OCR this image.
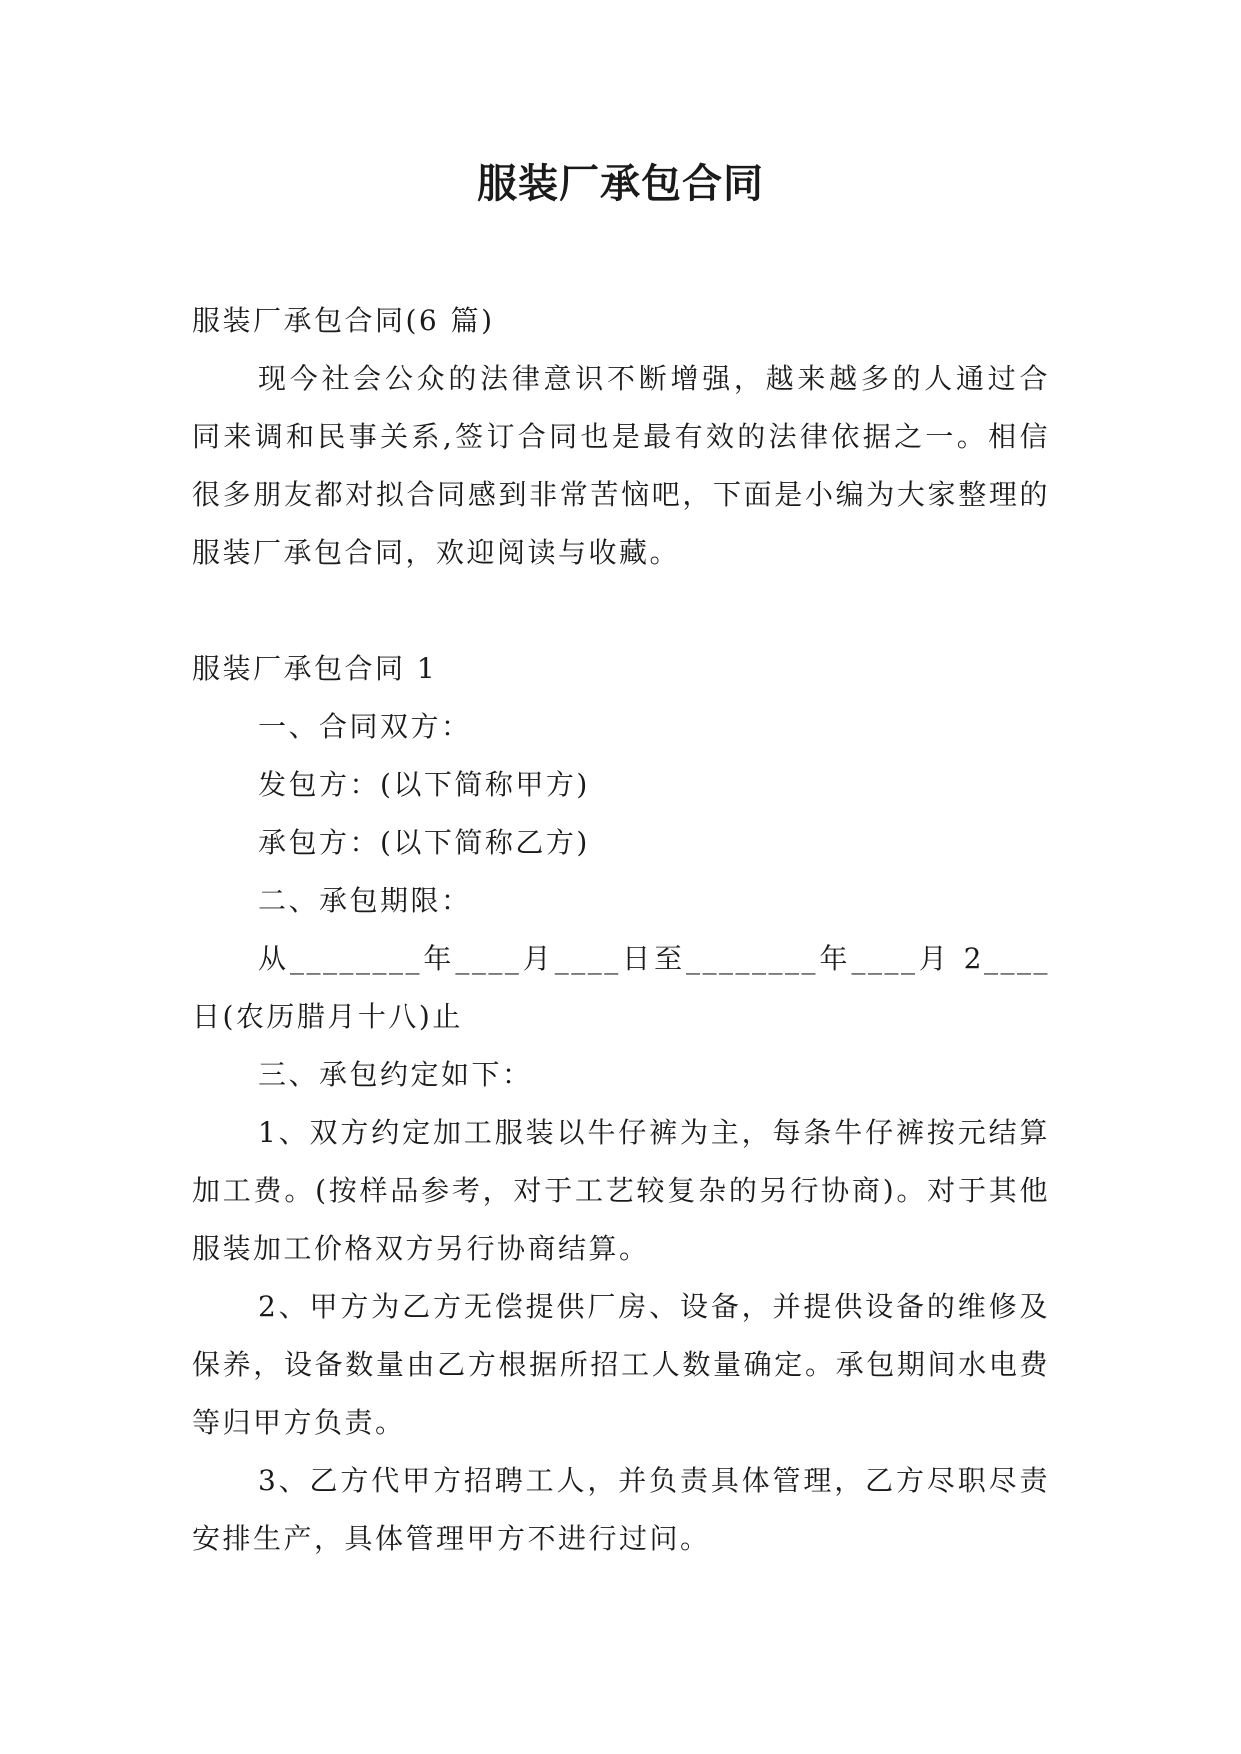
服装厂承包合同

服装厂承包合同(6 篇)

现今社会公众的法律意识不断增强，越来越多的人通过合同来调和民事关系,签订合同也是最有效的法律依据之一。相信很多朋友都对拟合同感到非常苦恼吧，下面是小编为大家整理的服装厂承包合同，欢迎阅读与收藏。

服装厂承包合同 1

一、合同双方：

发包方：(以下简称甲方)

承包方：(以下简称乙方)

二、承包期限：

从________年____月____日至________年____月 2____日(农历腊月十八)止

三、承包约定如下：

1、双方约定加工服装以牛仔裤为主，每条牛仔裤按元结算加工费。(按样品参考，对于工艺较复杂的另行协商)。对于其他服装加工价格双方另行协商结算。

2、甲方为乙方无偿提供厂房、设备，并提供设备的维修及保养，设备数量由乙方根据所招工人数量确定。承包期间水电费等归甲方负责。

3、乙方代甲方招聘工人，并负责具体管理，乙方尽职尽责安排生产，具体管理甲方不进行过问。
